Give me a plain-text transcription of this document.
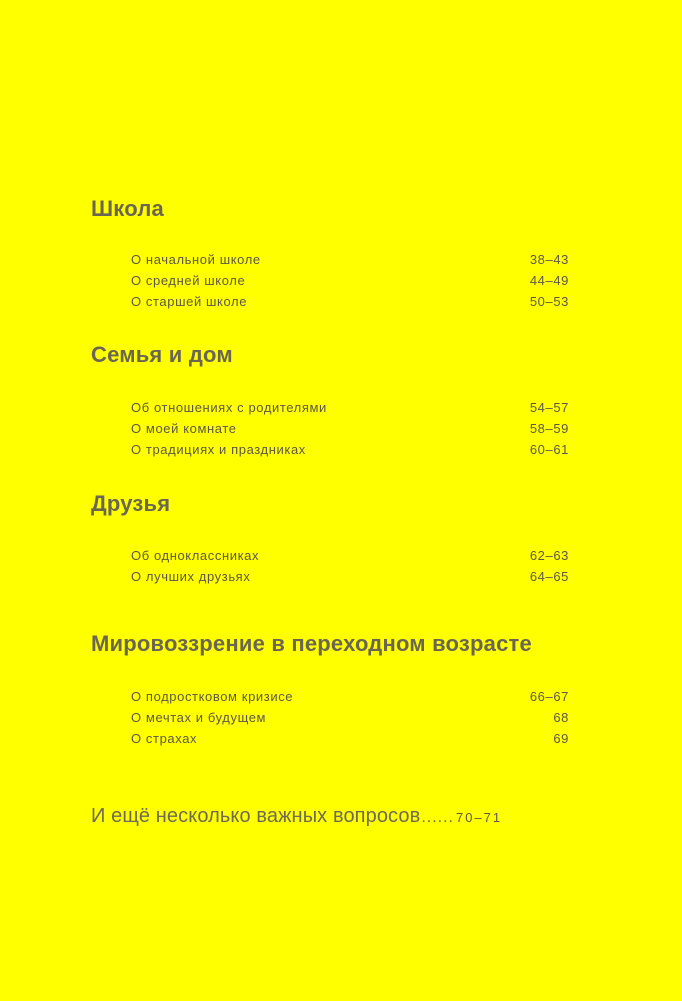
Школа
О начальной школе	38–43
О средней школе	44–49
О старшей школе	50–53
Семья и дом
Об отношениях с родителями	54–57
О моей комнате	58–59
О традициях и праздниках	60–61
Друзья
Об одноклассниках	62–63
О лучших друзьях	64–65
Мировоззрение в переходном возрасте
О подростковом кризисе	66–67
О мечтах и будущем	68
О страхах	69
И ещё несколько важных вопросов ...... 70–71
